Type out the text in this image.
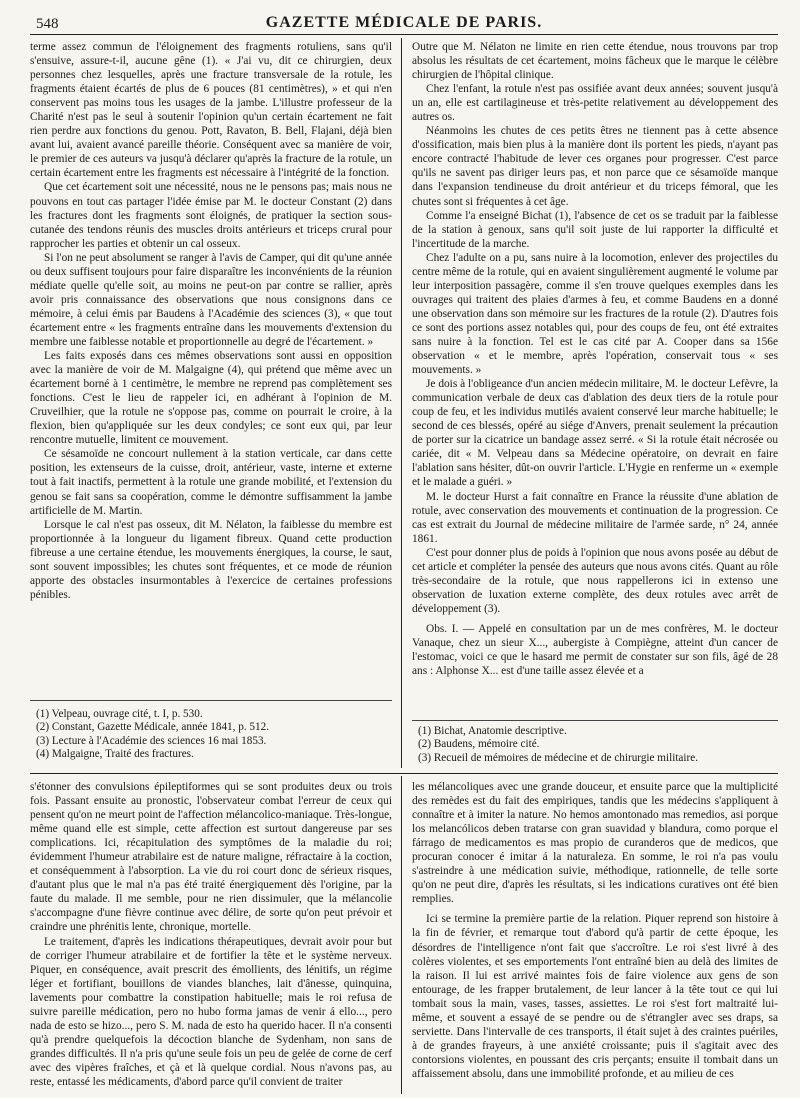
548	GAZETTE MÉDICALE DE PARIS.

terme assez commun de l'éloignement des fragments rotuliens, sans qu'il s'ensuive, assure-t-il, aucune gêne (1). « J'ai vu, dit ce chirurgien, deux personnes chez lesquelles, après une fracture transversale de la rotule, les fragments étaient écartés de plus de 6 pouces (81 centimètres), » et qui n'en conservent pas moins tous les usages de la jambe. L'illustre professeur de la Charité n'est pas le seul à soutenir l'opinion qu'un certain écartement ne fait rien perdre aux fonctions du genou. Pott, Ravaton, B. Bell, Flajani, déjà bien avant lui, avaient avancé pareille théorie. Conséquent avec sa manière de voir, le premier de ces auteurs va jusqu'à déclarer qu'après la fracture de la rotule, un certain écartement entre les fragments est nécessaire à l'intégrité de la fonction.

Que cet écartement soit une nécessité, nous ne le pensons pas; mais nous ne pouvons en tout cas partager l'idée émise par M. le docteur Constant (2) dans les fractures dont les fragments sont éloignés, de pratiquer la section sous-cutanée des tendons réunis des muscles droits antérieurs et triceps crural pour rapprocher les parties et obtenir un cal osseux.

Si l'on ne peut absolument se ranger à l'avis de Camper, qui dit qu'une année ou deux suffisent toujours pour faire disparaître les inconvénients de la réunion médiate quelle qu'elle soit, au moins ne peut-on par contre se rallier, après avoir pris connaissance des observations que nous consignons dans ce mémoire, à celui émis par Baudens à l'Académie des sciences (3), « que tout écartement entre « les fragments entraîne dans les mouvements d'extension du membre une faiblesse notable et proportionnelle au degré de l'écartement. »

Les faits exposés dans ces mêmes observations sont aussi en opposition avec la manière de voir de M. Malgaigne (4), qui prétend que même avec un écartement borné à 1 centimètre, le membre ne reprend pas complètement ses fonctions. C'est le lieu de rappeler ici, en adhérant à l'opinion de M. Cruveilhier, que la rotule ne s'oppose pas, comme on pourrait le croire, à la flexion, bien qu'appliquée sur les deux condyles; ce sont eux qui, par leur rencontre mutuelle, limitent ce mouvement.

Ce sésamoïde ne concourt nullement à la station verticale, car dans cette position, les extenseurs de la cuisse, droit, antérieur, vaste, interne et externe tout à fait inactifs, permettent à la rotule une grande mobilité, et l'extension du genou se fait sans sa coopération, comme le démontre suffisamment la jambe artificielle de M. Martin.

Lorsque le cal n'est pas osseux, dit M. Nélaton, la faiblesse du membre est proportionnée à la longueur du ligament fibreux. Quand cette production fibreuse a une certaine étendue, les mouvements énergiques, la course, le saut, sont souvent impossibles; les chutes sont fréquentes, et ce mode de réunion apporte des obstacles insurmontables à l'exercice de certaines professions pénibles.

(1) Velpeau, ouvrage cité, t. I, p. 530.
(2) Constant, Gazette Médicale, année 1841, p. 512.
(3) Lecture à l'Académie des sciences 16 mai 1853.
(4) Malgaigne, Traité des fractures.

Outre que M. Nélaton ne limite en rien cette étendue, nous trouvons par trop absolus les résultats de cet écartement, moins fâcheux que le marque le célèbre chirurgien de l'hôpital clinique.

Chez l'enfant, la rotule n'est pas ossifiée avant deux années; souvent jusqu'à un an, elle est cartilagineuse et très-petite relativement au développement des autres os.

Néanmoins les chutes de ces petits êtres ne tiennent pas à cette absence d'ossification, mais bien plus à la manière dont ils portent les pieds, n'ayant pas encore contracté l'habitude de lever ces organes pour progresser. C'est parce qu'ils ne savent pas diriger leurs pas, et non parce que ce sésamoïde manque dans l'expansion tendineuse du droit antérieur et du triceps fémoral, que les chutes sont si fréquentes à cet âge.

Comme l'a enseigné Bichat (1), l'absence de cet os se traduit par la faiblesse de la station à genoux, sans qu'il soit juste de lui rapporter la difficulté et l'incertitude de la marche.

Chez l'adulte on a pu, sans nuire à la locomotion, enlever des projectiles du centre même de la rotule, qui en avaient singulièrement augmenté le volume par leur interposition passagère, comme il s'en trouve quelques exemples dans les ouvrages qui traitent des plaies d'armes à feu, et comme Baudens en a donné une observation dans son mémoire sur les fractures de la rotule (2). D'autres fois ce sont des portions assez notables qui, pour des coups de feu, ont été extraites sans nuire à la fonction. Tel est le cas cité par A. Cooper dans sa 156e observation « et le membre, après l'opération, conservait tous « ses mouvements. »

Je dois à l'obligeance d'un ancien médecin militaire, M. le docteur Lefèvre, la communication verbale de deux cas d'ablation des deux tiers de la rotule pour coup de feu, et les individus mutilés avaient conservé leur marche habituelle; le second de ces blessés, opéré au siége d'Anvers, prenait seulement la précaution de porter sur la cicatrice un bandage assez serré. « Si la rotule était nécrosée ou cariée, dit « M. Velpeau dans sa Médecine opératoire, on devrait en faire l'ablation sans hésiter, dût-on ouvrir l'article. L'Hygie en renferme un « exemple et le malade a guéri. »

M. le docteur Hurst a fait connaître en France la réussite d'une ablation de rotule, avec conservation des mouvements et continuation de la progression. Ce cas est extrait du Journal de médecine militaire de l'armée sarde, n° 24, année 1861.

C'est pour donner plus de poids à l'opinion que nous avons posée au début de cet article et compléter la pensée des auteurs que nous avons cités. Quant au rôle très-secondaire de la rotule, que nous rappellerons ici in extenso une observation de luxation externe complète, des deux rotules avec arrêt de développement (3).

Obs. I. — Appelé en consultation par un de mes confrères, M. le docteur Vanaque, chez un sieur X..., aubergiste à Compiègne, atteint d'un cancer de l'estomac, voici ce que le hasard me permit de constater sur son fils, âgé de 28 ans : Alphonse X... est d'une taille assez élevée et a

(1) Bichat, Anatomie descriptive.
(2) Baudens, mémoire cité.
(3) Recueil de mémoires de médecine et de chirurgie militaire.

s'étonner des convulsions épileptiformes qui se sont produites deux ou trois fois. Passant ensuite au pronostic, l'observateur combat l'erreur de ceux qui pensent qu'on ne meurt point de l'affection mélancolico-maniaque. Très-longue, même quand elle est simple, cette affection est surtout dangereuse par ses complications. Ici, récapitulation des symptômes de la maladie du roi; évidemment l'humeur atrabilaire est de nature maligne, réfractaire à la coction, et conséquemment à l'absorption. La vie du roi court donc de sérieux risques, d'autant plus que le mal n'a pas été traité énergiquement dès l'origine, par la faute du malade. Il me semble, pour ne rien dissimuler, que la mélancolie s'accompagne d'une fièvre continue avec délire, de sorte qu'on peut prévoir et craindre une phrénitis lente, chronique, mortelle.

Le traitement, d'après les indications thérapeutiques, devrait avoir pour but de corriger l'humeur atrabilaire et de fortifier la tête et le système nerveux. Piquer, en conséquence, avait prescrit des émollients, des lénitifs, un régime léger et fortifiant, bouillons de viandes blanches, lait d'ânesse, quinquina, lavements pour combattre la constipation habituelle; mais le roi refusa de suivre pareille médication, pero no hubo forma jamas de venir á ello..., pero nada de esto se hizo..., pero S. M. nada de esto ha querido hacer. Il n'a consenti qu'à prendre quelquefois la décoction blanche de Sydenham, non sans de grandes difficultés. Il n'a pris qu'une seule fois un peu de gelée de corne de cerf avec des vipères fraîches, et çà et là quelque cordial. Nous n'avons pas, au reste, entassé les médicaments, d'abord parce qu'il convient de traiter

les mélancoliques avec une grande douceur, et ensuite parce que la multiplicité des remèdes est du fait des empiriques, tandis que les médecins s'appliquent à connaître et à imiter la nature. No hemos amontonado mas remedios, asi porque los melancólicos deben tratarse con gran suavidad y blandura, como porque el fárrago de medicamentos es mas propio de curanderos que de medicos, que procuran conocer é imitar á la naturaleza. En somme, le roi n'a pas voulu s'astreindre à une médication suivie, méthodique, rationnelle, de telle sorte qu'on ne peut dire, d'après les résultats, si les indications curatives ont été bien remplies.

Ici se termine la première partie de la relation. Piquer reprend son histoire à la fin de février, et remarque tout d'abord qu'à partir de cette époque, les désordres de l'intelligence n'ont fait que s'accroître. Le roi s'est livré à des colères violentes, et ses emportements l'ont entraîné bien au delà des limites de la raison. Il lui est arrivé maintes fois de faire violence aux gens de son entourage, de les frapper brutalement, de leur lancer à la tête tout ce qui lui tombait sous la main, vases, tasses, assiettes. Le roi s'est fort maltraité lui-même, et souvent a essayé de se pendre ou de s'étrangler avec ses draps, sa serviette. Dans l'intervalle de ces transports, il était sujet à des craintes puériles, à de grandes frayeurs, à une anxiété croissante; puis il s'agitait avec des contorsions violentes, en poussant des cris perçants; ensuite il tombait dans un affaissement absolu, dans une immobilité profonde, et au milieu de ces
